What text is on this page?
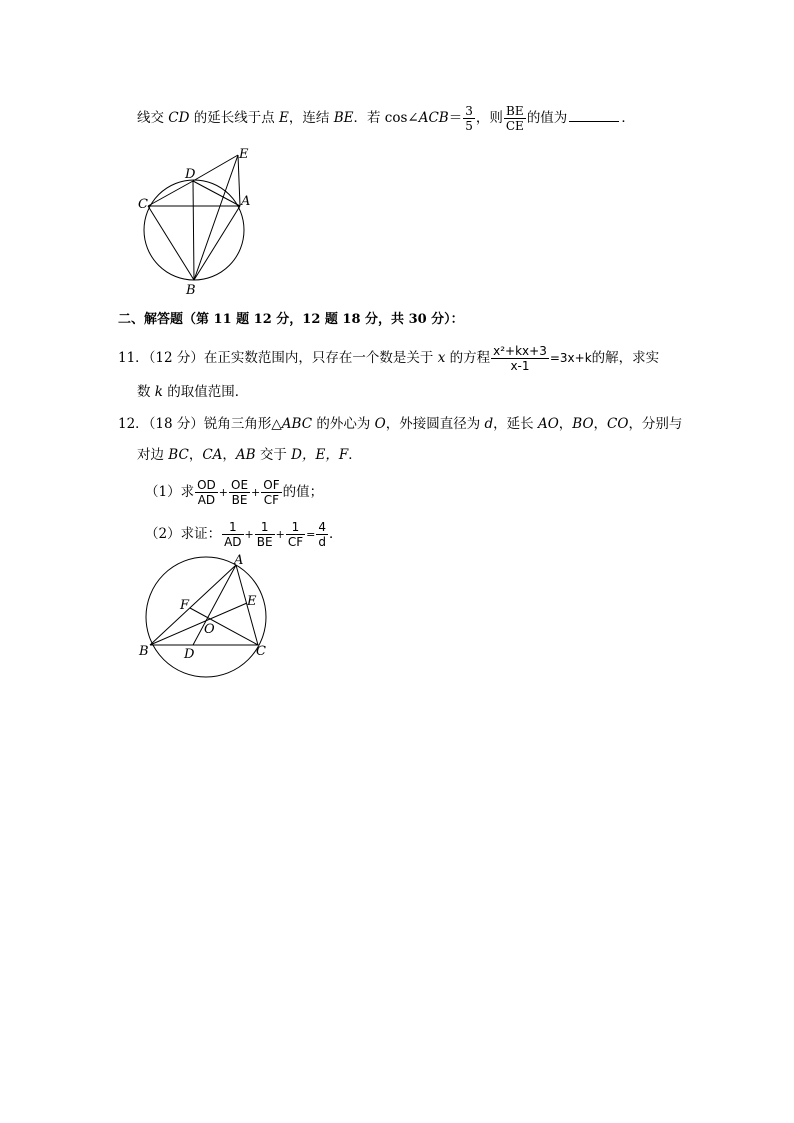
线交 CD 的延长线于点 E，连结 BE．若 cos∠ACB＝ $\frac{3}{5}$ ，则 $\frac{BE}{CE}$ 的值为	．
E
D
C	A
B
二、解答题（第 11 题 12 分，12 题 18 分，共 30 分）：
11．（12 分）在正实数范围内，只存在一个数是关于 x 的方程 $\frac{\text{x²+kx+3}}{x-1} =3x+k$的解，求实
数 k 的取值范围．
12．（18 分）锐角三角形△ABC 的外心为 O，外接圆直径为 d，延长 AO，BO，CO，分别与
对边 BC，CA，AB 交于 D，E，F．
（1）求 $\frac{OD}{AD} + \frac{OE}{BE} + \frac{OF}{CF}$ 的值；
（2）求证： $\frac{1}{AD} + \frac{1}{BE} + \frac{1}{CF} = \frac{4}{d}$ ．
A
F	E
O
B	D	C
